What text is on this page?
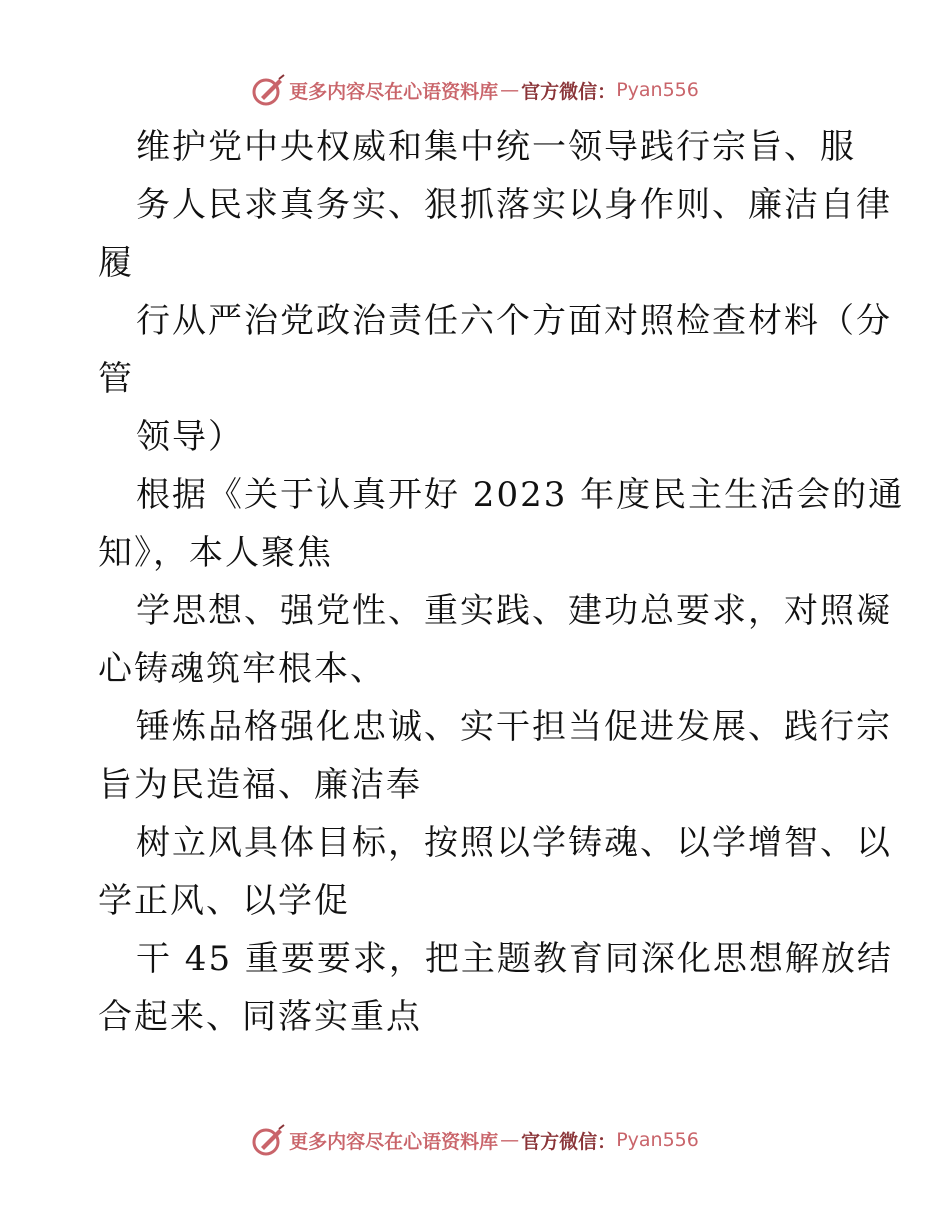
更多内容尽在心语资料库 — 官方微信： Pyan556
维护党中央权威和集中统一领导践行宗旨、服
务人民求真务实、狠抓落实以身作则、廉洁自律
履
行从严治党政治责任六个方面对照检查材料（分
管
领导）
根据《关于认真开好 2023 年度民主生活会的通
知》，本人聚焦
学思想、强党性、重实践、建功总要求，对照凝
心铸魂筑牢根本、
锤炼品格强化忠诚、实干担当促进发展、践行宗
旨为民造福、廉洁奉
树立风具体目标，按照以学铸魂、以学增智、以
学正风、以学促
干 45 重要要求，把主题教育同深化思想解放结
合起来、同落实重点
更多内容尽在心语资料库 — 官方微信： Pyan556
